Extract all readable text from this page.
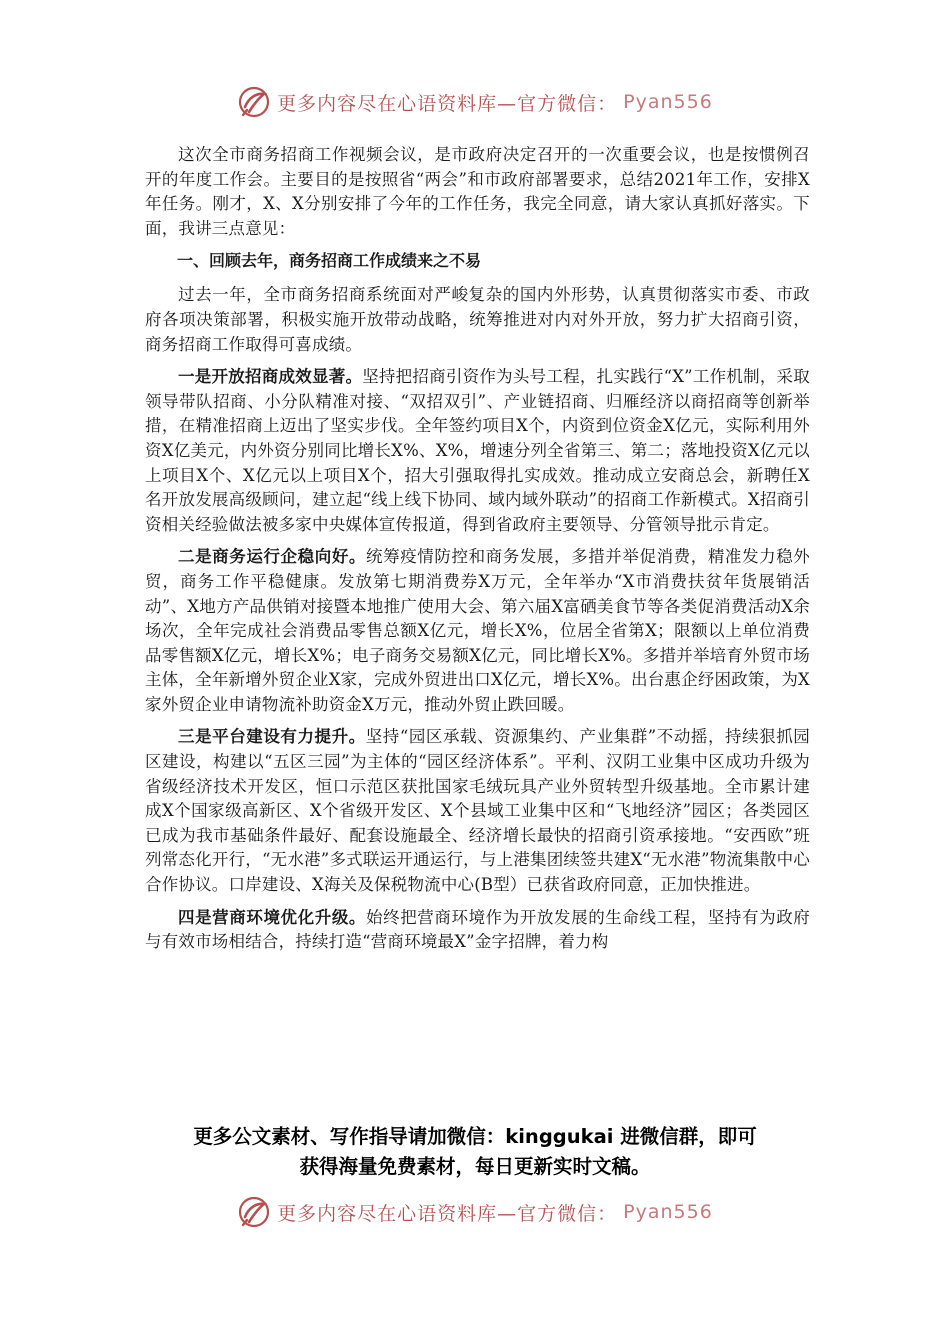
更多内容尽在心语资料库—官方微信： Pyan556

这次全市商务招商工作视频会议，是市政府决定召开的一次重要会议，也是按惯例召开的年度工作会。主要目的是按照省“两会”和市政府部署要求，总结2021年工作，安排X年任务。刚才，X、X分别安排了今年的工作任务，我完全同意，请大家认真抓好落实。下面，我讲三点意见：

一、回顾去年，商务招商工作成绩来之不易

过去一年，全市商务招商系统面对严峻复杂的国内外形势，认真贯彻落实市委、市政府各项决策部署，积极实施开放带动战略，统筹推进对内对外开放，努力扩大招商引资，商务招商工作取得可喜成绩。

一是开放招商成效显著。坚持把招商引资作为头号工程，扎实践行“X”工作机制，采取领导带队招商、小分队精准对接、“双招双引”、产业链招商、归雁经济以商招商等创新举措，在精准招商上迈出了坚实步伐。全年签约项目X个，内资到位资金X亿元，实际利用外资X亿美元，内外资分别同比增长X%、X%，增速分列全省第三、第二；落地投资X亿元以上项目X个、X亿元以上项目X个，招大引强取得扎实成效。推动成立安商总会，新聘任X名开放发展高级顾问，建立起“线上线下协同、域内域外联动”的招商工作新模式。X招商引资相关经验做法被多家中央媒体宣传报道，得到省政府主要领导、分管领导批示肯定。

二是商务运行企稳向好。统筹疫情防控和商务发展，多措并举促消费，精准发力稳外贸，商务工作平稳健康。发放第七期消费券X万元，全年举办“X市消费扶贫年货展销活动”、X地方产品供销对接暨本地推广使用大会、第六届X富硒美食节等各类促消费活动X余场次，全年完成社会消费品零售总额X亿元，增长X%，位居全省第X；限额以上单位消费品零售额X亿元，增长X%；电子商务交易额X亿元，同比增长X%。多措并举培育外贸市场主体，全年新增外贸企业X家，完成外贸进出口X亿元，增长X%。出台惠企纾困政策，为X家外贸企业申请物流补助资金X万元，推动外贸止跌回暖。

三是平台建设有力提升。坚持“园区承载、资源集约、产业集群”不动摇，持续狠抓园区建设，构建以“五区三园”为主体的“园区经济体系”。平利、汉阴工业集中区成功升级为省级经济技术开发区，恒口示范区获批国家毛绒玩具产业外贸转型升级基地。全市累计建成X个国家级高新区、X个省级开发区、X个县域工业集中区和“飞地经济”园区；各类园区已成为我市基础条件最好、配套设施最全、经济增长最快的招商引资承接地。“安西欧”班列常态化开行，“无水港”多式联运开通运行，与上港集团续签共建X“无水港”物流集散中心合作协议。口岸建设、X海关及保税物流中心(B型）已获省政府同意，正加快推进。

四是营商环境优化升级。始终把营商环境作为开放发展的生命线工程，坚持有为政府与有效市场相结合，持续打造“营商环境最X”金字招牌，着力构

更多公文素材、写作指导请加微信：kinggukai 进微信群，即可
获得海量免费素材，每日更新实时文稿。
更多内容尽在心语资料库—官方微信： Pyan556
